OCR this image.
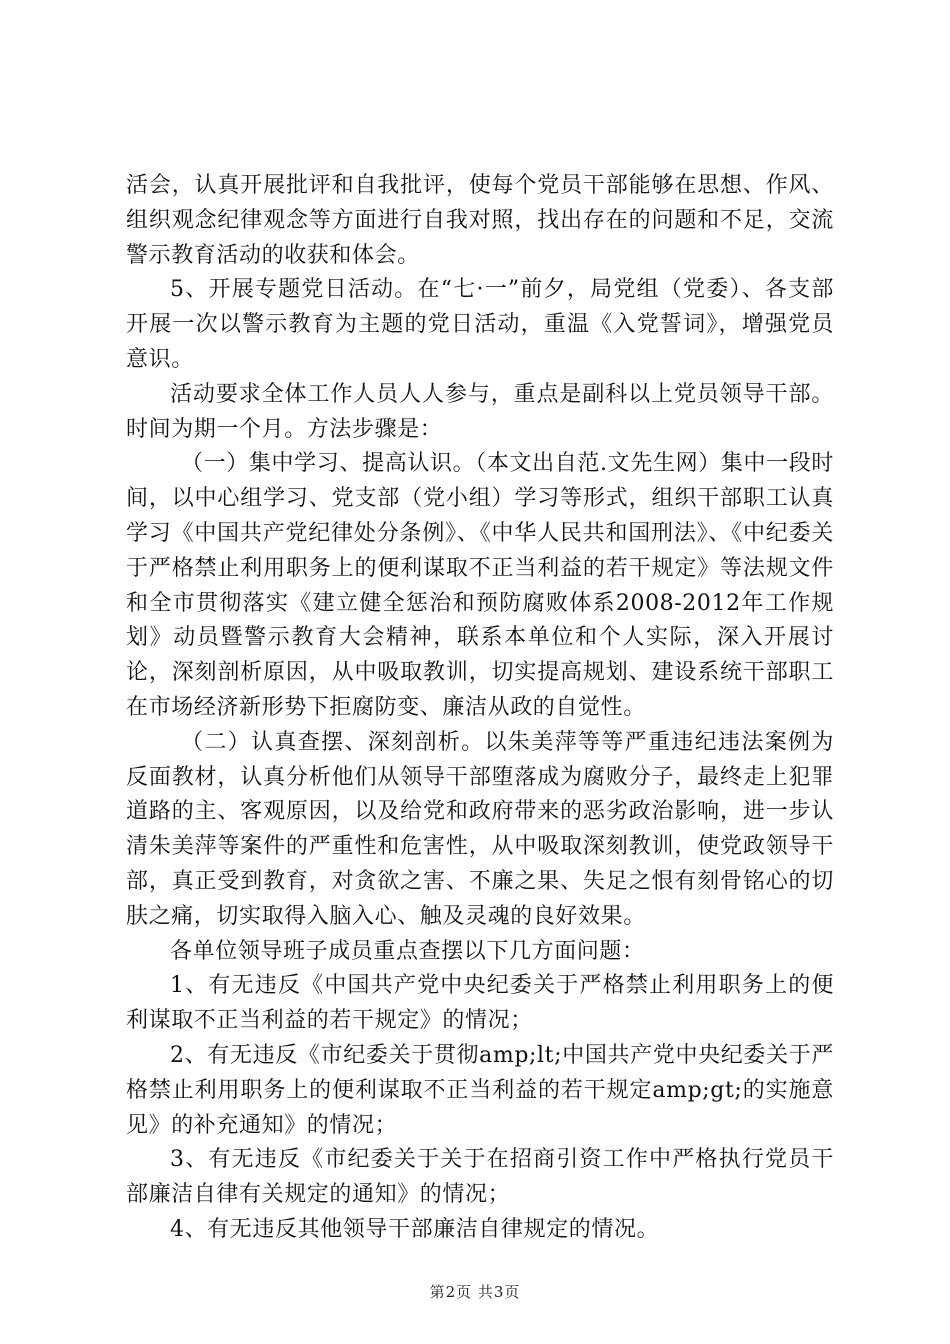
活会，认真开展批评和自我批评，使每个党员干部能够在思想、作风、组织观念纪律观念等方面进行自我对照，找出存在的问题和不足，交流警示教育活动的收获和体会。

5、开展专题党日活动。在“七·一”前夕，局党组（党委）、各支部开展一次以警示教育为主题的党日活动，重温《入党誓词》，增强党员意识。

活动要求全体工作人员人人参与，重点是副科以上党员领导干部。时间为期一个月。方法步骤是：

（一）集中学习、提高认识。（本文出自范.文先生网）集中一段时间，以中心组学习、党支部（党小组）学习等形式，组织干部职工认真学习《中国共产党纪律处分条例》、《中华人民共和国刑法》、《中纪委关于严格禁止利用职务上的便利谋取不正当利益的若干规定》等法规文件和全市贯彻落实《建立健全惩治和预防腐败体系2008-2012年工作规划》动员暨警示教育大会精神，联系本单位和个人实际，深入开展讨论，深刻剖析原因，从中吸取教训，切实提高规划、建设系统干部职工在市场经济新形势下拒腐防变、廉洁从政的自觉性。

（二）认真查摆、深刻剖析。以朱美萍等等严重违纪违法案例为反面教材，认真分析他们从领导干部堕落成为腐败分子，最终走上犯罪道路的主、客观原因，以及给党和政府带来的恶劣政治影响，进一步认清朱美萍等案件的严重性和危害性，从中吸取深刻教训，使党政领导干部，真正受到教育，对贪欲之害、不廉之果、失足之恨有刻骨铭心的切肤之痛，切实取得入脑入心、触及灵魂的良好效果。

各单位领导班子成员重点查摆以下几方面问题：

1、有无违反《中国共产党中央纪委关于严格禁止利用职务上的便利谋取不正当利益的若干规定》的情况；

2、有无违反《市纪委关于贯彻amp;lt;中国共产党中央纪委关于严格禁止利用职务上的便利谋取不正当利益的若干规定amp;gt;的实施意见》的补充通知》的情况；

3、有无违反《市纪委关于关于在招商引资工作中严格执行党员干部廉洁自律有关规定的通知》的情况；

4、有无违反其他领导干部廉洁自律规定的情况。

第2页 共3页
